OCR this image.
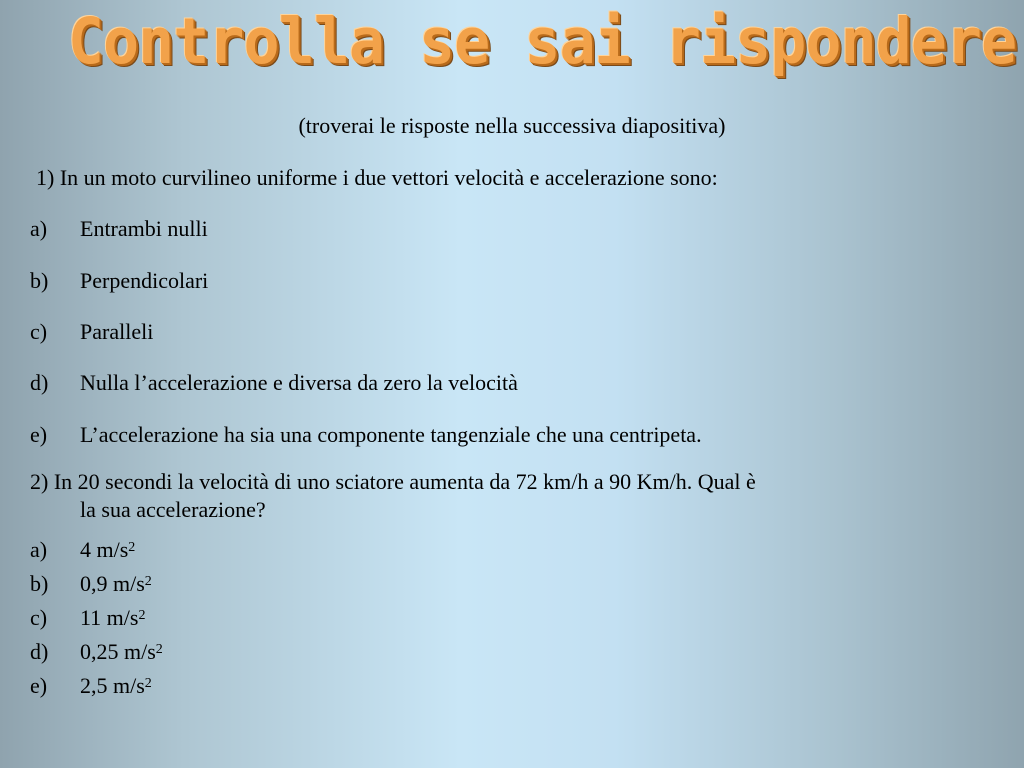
Controlla se sai rispondere
(troverai le risposte nella successiva diapositiva)
1) In un moto curvilineo uniforme i due vettori velocità e accelerazione sono:
a) Entrambi nulli
b) Perpendicolari
c) Paralleli
d) Nulla l’accelerazione e diversa da zero la velocità
e) L’accelerazione ha sia una componente tangenziale che una centripeta.
2) In 20 secondi la velocità di uno sciatore aumenta da 72 km/h a 90 Km/h. Qual è
la sua accelerazione?
a) 4 $m/s^2$
b) 0,9 $m/s^2$
c) 11 $m/s^2$
d) 0,25 $m/s^2$
e) 2,5 $m/s^2$
